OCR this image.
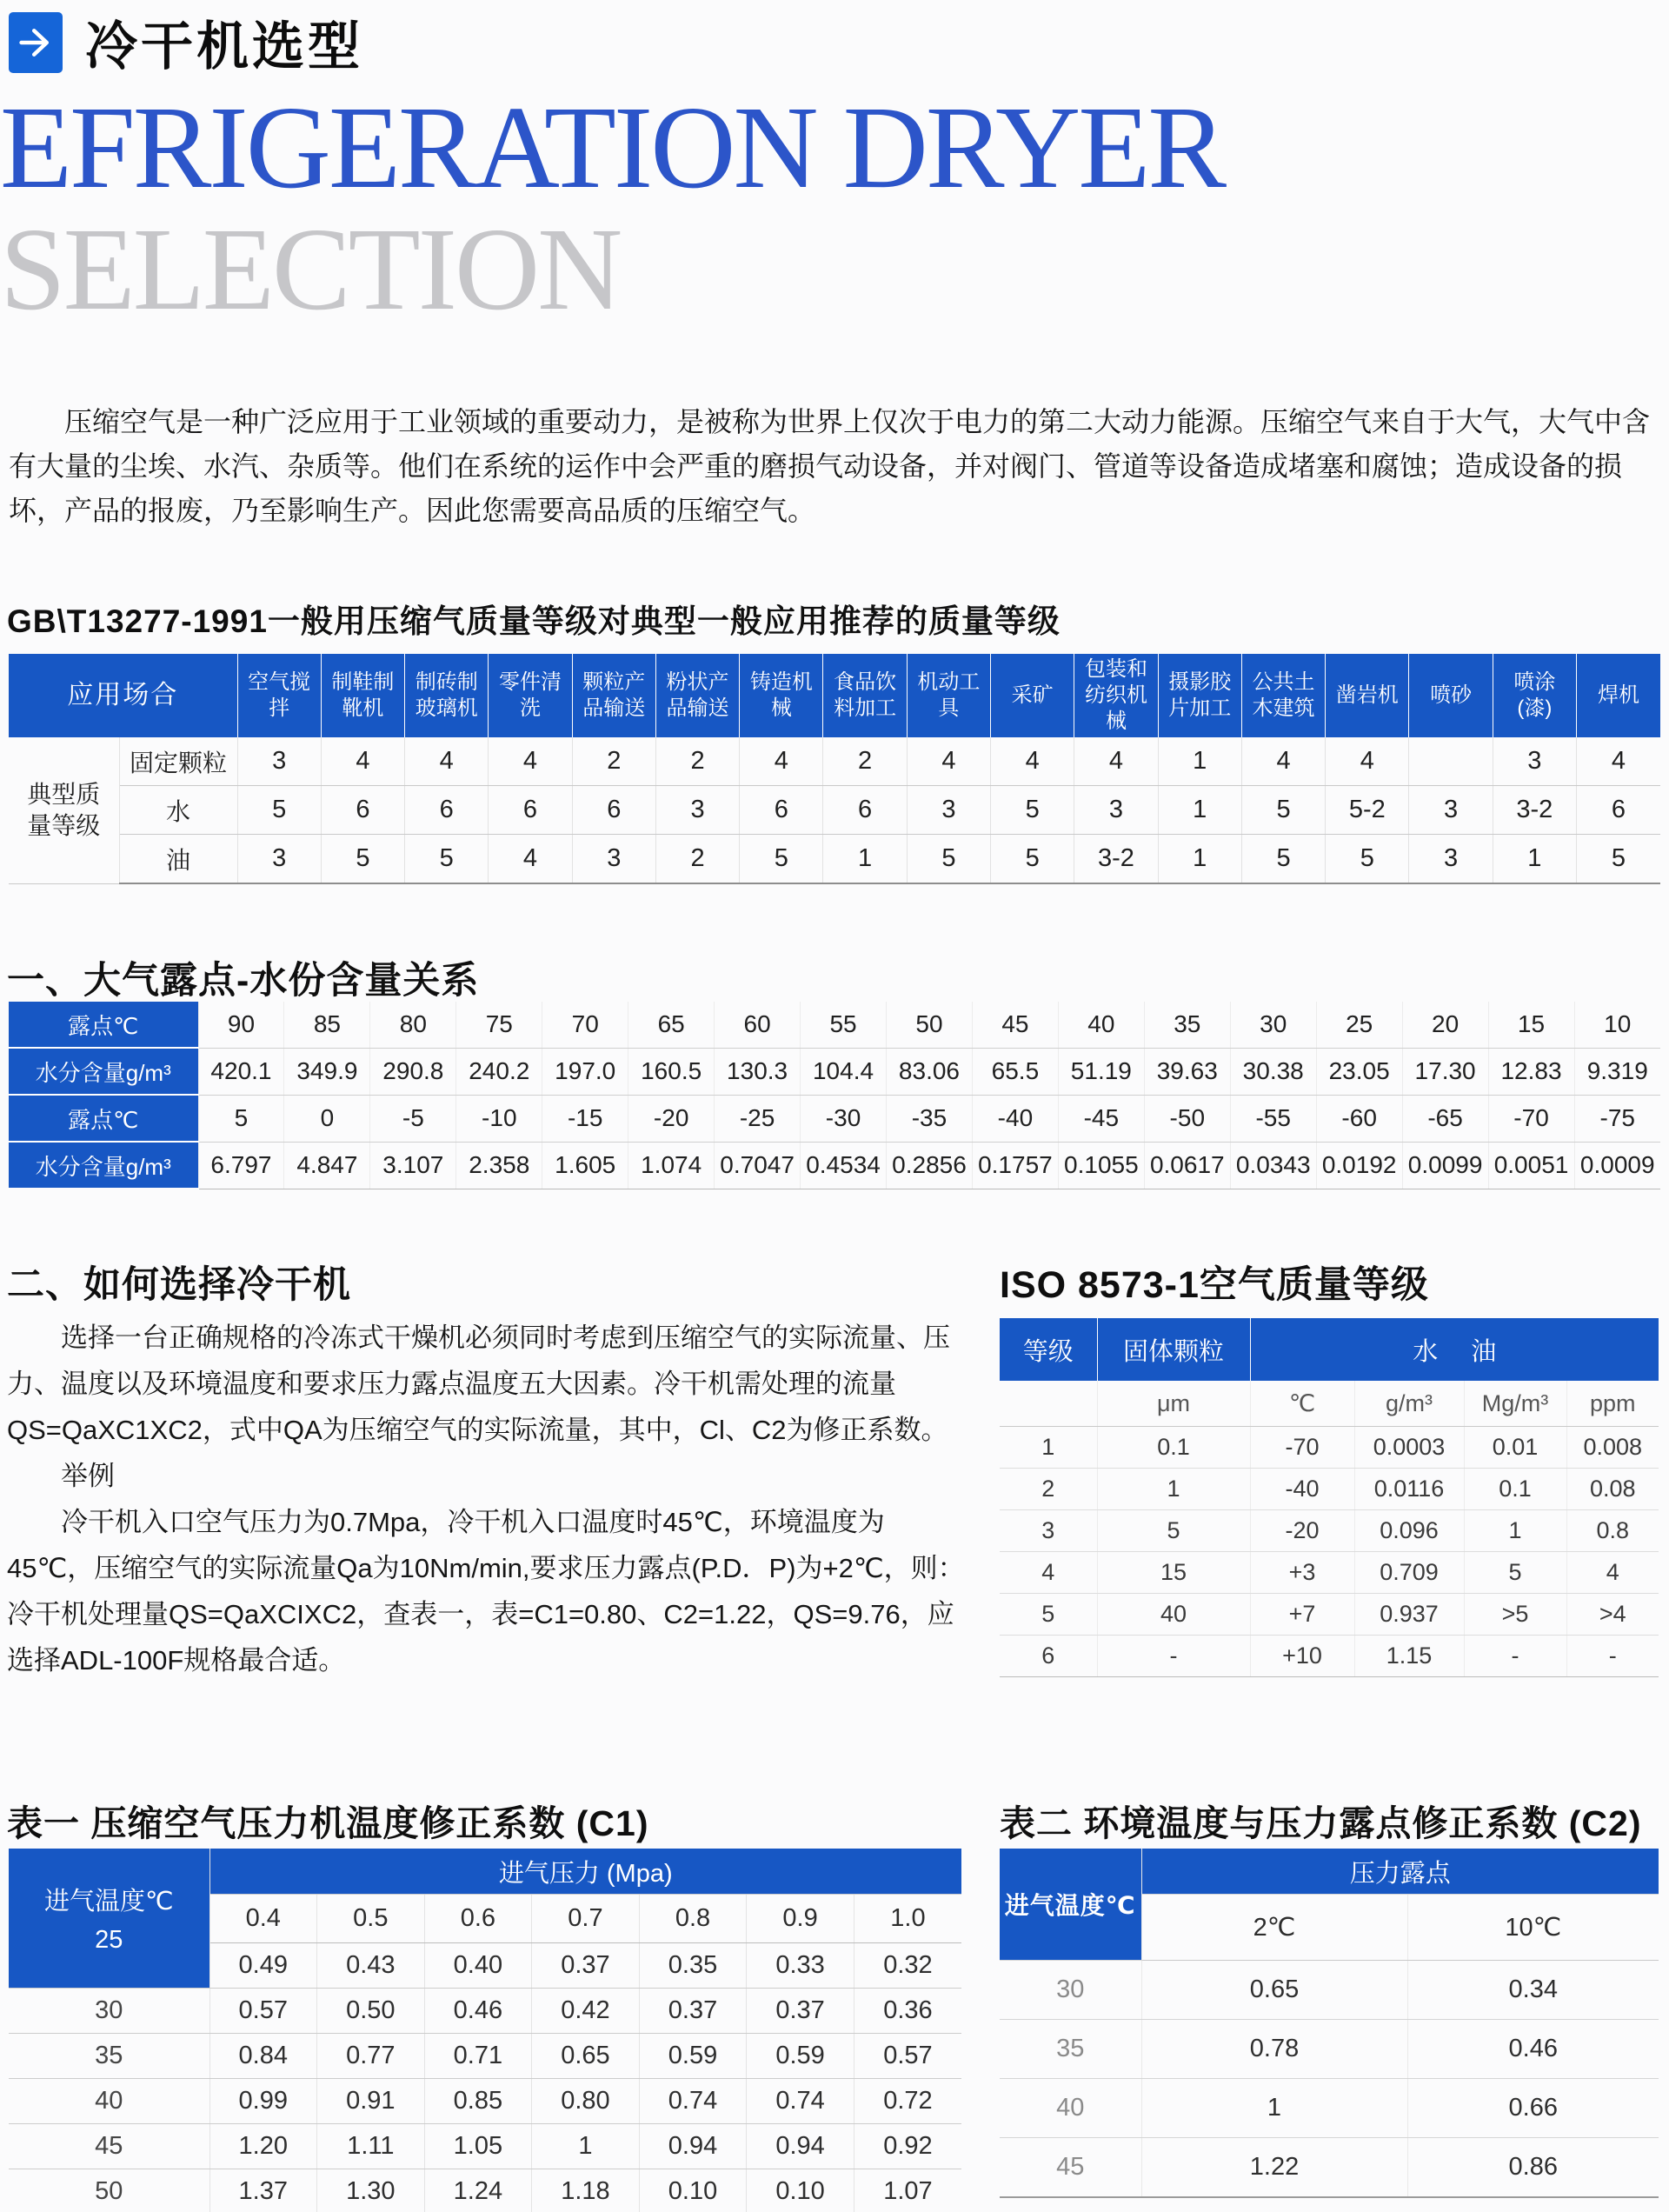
冷干机选型
EFRIGERATION DRYER
SELECTION

压缩空气是一种广泛应用于工业领域的重要动力，是被称为世界上仅次于电力的第二大动力能源。压缩空气来自于大气，大气中含有大量的尘埃、水汽、杂质等。他们在系统的运作中会严重的磨损气动设备，并对阀门、管道等设备造成堵塞和腐蚀；造成设备的损坏，产品的报废，乃至影响生产。因此您需要高品质的压缩空气。

GB\T13277-1991一般用压缩气质量等级对典型一般应用推荐的质量等级
应用场合		空气搅拌	制鞋制靴机	制砖制玻璃机	零件清洗	颗粒产品输送	粉状产品输送	铸造机械	食品饮料加工	机动工具	采矿	包装和纺织机械	摄影胶片加工	公共土木建筑	凿岩机	喷砂	喷涂(漆)	焊机
典型质量等级	固定颗粒	3	4	4	4	2	2	4	2	4	4	4	1	4	4		3	4
	水	5	6	6	6	6	3	6	6	3	5	3	1	5	5-2	3	3-2	6
	油	3	5	5	4	3	2	5	1	5	5	3-2	1	5	5	3	1	5
一、大气露点-水份含量关系
露点℃	90	85	80	75	70	65	60	55	50	45	40	35	30	25	20	15	10
水分含量g/m³	420.1	349.9	290.8	240.2	197.0	160.5	130.3	104.4	83.06	65.5	51.19	39.63	30.38	23.05	17.30	12.83	9.319
露点℃	5	0	-5	-10	-15	-20	-25	-30	-35	-40	-45	-50	-55	-60	-65	-70	-75
水分含量g/m³	6.797	4.847	3.107	2.358	1.605	1.074	0.7047	0.4534	0.2856	0.1757	0.1055	0.0617	0.0343	0.0192	0.0099	0.0051	0.0009
二、如何选择冷干机

选择一台正确规格的冷冻式干燥机必须同时考虑到压缩空气的实际流量、压力、温度以及环境温度和要求压力露点温度五大因素。冷干机需处理的流量QS=QaXC1XC2，式中QA为压缩空气的实际流量，其中，Cl、C2为修正系数。

举例

冷干机入口空气压力为0.7Mpa，冷干机入口温度时45℃，环境温度为45℃，压缩空气的实际流量Qa为10Nm/min,要求压力露点(P.D．P)为+2℃，则：冷干机处理量QS=QaXCIXC2，查表一，表=C1=0.80、C2=1.22，QS=9.76，应选择ADL-100F规格最合适。

ISO 8573-1空气质量等级
等级	固体颗粒	水 油			
	μm	℃	g/m³	Mg/m³	ppm
1	0.1	-70	0.0003	0.01	0.008
2	1	-40	0.0116	0.1	0.08
3	5	-20	0.096	1	0.8
4	15	+3	0.709	5	4
5	40	+7	0.937	>5	>4
6	-	+10	1.15	-	-
表一 压缩空气压力机温度修正系数 (C1)
进气温度℃
25	进气压力 (Mpa)						
	0.4	0.5	0.6	0.7	0.8	0.9	1.0
	0.49	0.43	0.40	0.37	0.35	0.33	0.32
30	0.57	0.50	0.46	0.42	0.37	0.37	0.36
35	0.84	0.77	0.71	0.65	0.59	0.59	0.57
40	0.99	0.91	0.85	0.80	0.74	0.74	0.72
45	1.20	1.11	1.05	1	0.94	0.94	0.92
50	1.37	1.30	1.24	1.18	0.10	0.10	1.07
表二 环境温度与压力露点修正系数 (C2)
进气温度℃	压力露点	
	2℃	10℃
30	0.65	0.34
35	0.78	0.46
40	1	0.66
45	1.22	0.86
